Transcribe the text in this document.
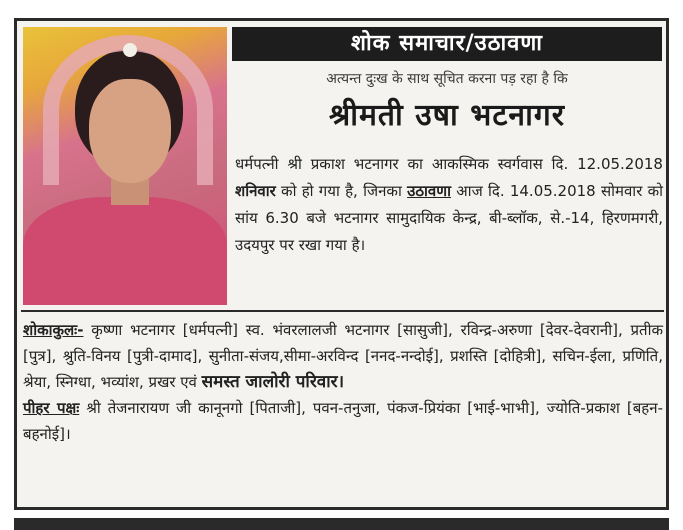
शोक समाचार/उठावणा
अत्यन्त दुःख के साथ सूचित करना पड़ रहा है कि
श्रीमती उषा भटनागर
धर्मपत्नी श्री प्रकाश भटनागर का आकस्मिक स्वर्गवास दि. 12.05.2018 शनिवार को हो गया है, जिनका उठावणा आज दि. 14.05.2018 सोमवार को सांय 6.30 बजे भटनागर सामुदायिक केन्द्र, बी-ब्लॉक, से.-14, हिरणमगरी, उदयपुर पर रखा गया है।
शोकाकुलः- कृष्णा भटनागर [धर्मपत्नी] स्व. भंवरलालजी भटनागर [सासुजी], रविन्द्र-अरुणा [देवर-देवरानी], प्रतीक [पुत्र], श्रुति-विनय [पुत्री-दामाद], सुनीता-संजय,सीमा-अरविन्द [ननद-नन्दोई], प्रशस्ति [दोहित्री], सचिन-ईला, प्रणिति, श्रेया, स्निग्धा, भव्यांश, प्रखर एवं समस्त जालोरी परिवार।
पीहर पक्षः श्री तेजनारायण जी कानूनगो [पिताजी], पवन-तनुजा, पंकज-प्रियंका [भाई-भाभी], ज्योति-प्रकाश [बहन-बहनोई]।
